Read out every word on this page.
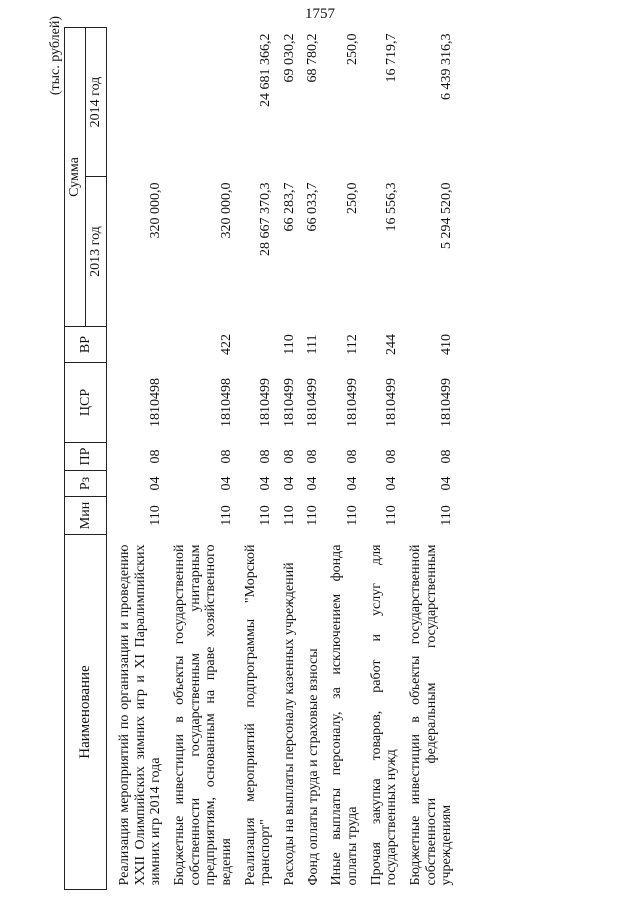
1757
(тыс. рублей)
Наименование	Мин	Рз	ПР	ЦСР	ВР	Сумма	
						2013 год	2014 год
Реализация мероприятий по организации и проведению XXII Олимпийских зимних игр и XI Паралимпийских зимних игр 2014 года	110	04	08	1810498		320 000,0	
Бюджетные инвестиции в объекты государственной собственности государственным унитарным предприятиям, основанным на праве хозяйственного ведения	110	04	08	1810498	422	320 000,0	
Реализация мероприятий подпрограммы "Морской транспорт"	110	04	08	1810499		28 667 370,3	24 681 366,2
Расходы на выплаты персоналу казенных учреждений	110	04	08	1810499	110	66 283,7	69 030,2
Фонд оплаты труда и страховые взносы	110	04	08	1810499	111	66 033,7	68 780,2
Иные выплаты персоналу, за исключением фонда оплаты труда	110	04	08	1810499	112	250,0	250,0
Прочая закупка товаров, работ и услуг для государственных нужд	110	04	08	1810499	244	16 556,3	16 719,7
Бюджетные инвестиции в объекты государственной собственности федеральным государственным учреждениям	110	04	08	1810499	410	5 294 520,0	6 439 316,3
